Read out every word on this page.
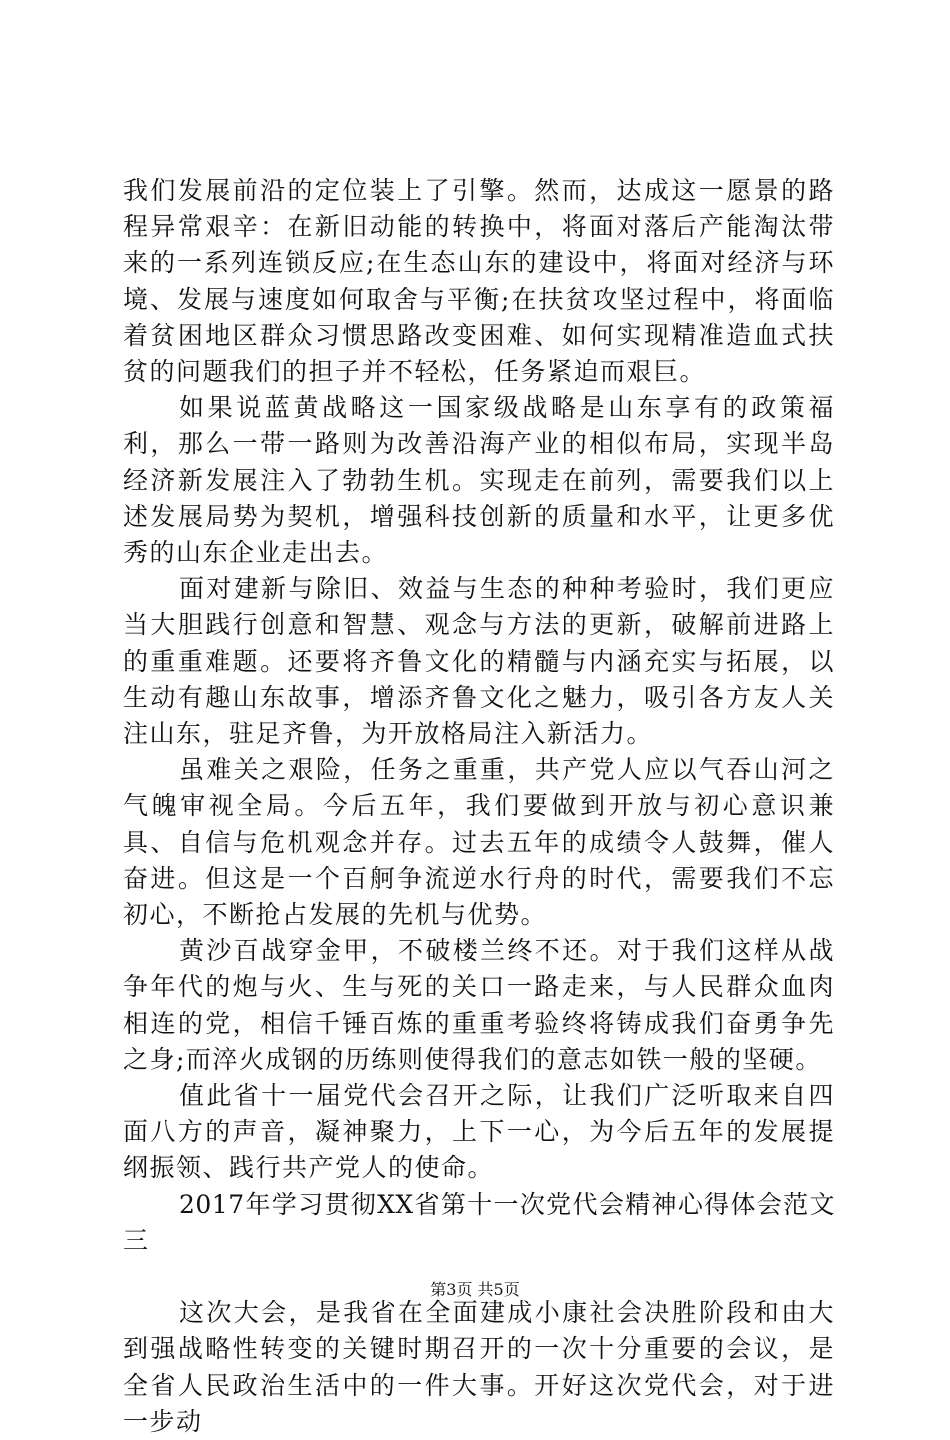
我们发展前沿的定位装上了引擎。然而，达成这一愿景的路程异常艰辛：在新旧动能的转换中，将面对落后产能淘汰带来的一系列连锁反应;在生态山东的建设中，将面对经济与环境、发展与速度如何取舍与平衡;在扶贫攻坚过程中，将面临着贫困地区群众习惯思路改变困难、如何实现精准造血式扶贫的问题我们的担子并不轻松，任务紧迫而艰巨。

如果说蓝黄战略这一国家级战略是山东享有的政策福利，那么一带一路则为改善沿海产业的相似布局，实现半岛经济新发展注入了勃勃生机。实现走在前列，需要我们以上述发展局势为契机，增强科技创新的质量和水平，让更多优秀的山东企业走出去。

面对建新与除旧、效益与生态的种种考验时，我们更应当大胆践行创意和智慧、观念与方法的更新，破解前进路上的重重难题。还要将齐鲁文化的精髓与内涵充实与拓展，以生动有趣山东故事，增添齐鲁文化之魅力，吸引各方友人关注山东，驻足齐鲁，为开放格局注入新活力。

虽难关之艰险，任务之重重，共产党人应以气吞山河之气魄审视全局。今后五年，我们要做到开放与初心意识兼具、自信与危机观念并存。过去五年的成绩令人鼓舞，催人奋进。但这是一个百舸争流逆水行舟的时代，需要我们不忘初心，不断抢占发展的先机与优势。

黄沙百战穿金甲，不破楼兰终不还。对于我们这样从战争年代的炮与火、生与死的关口一路走来，与人民群众血肉相连的党，相信千锤百炼的重重考验终将铸成我们奋勇争先之身;而淬火成钢的历练则使得我们的意志如铁一般的坚硬。

值此省十一届党代会召开之际，让我们广泛听取来自四面八方的声音，凝神聚力，上下一心，为今后五年的发展提纲振领、践行共产党人的使命。

2017年学习贯彻XX省第十一次党代会精神心得体会范文三

这次大会，是我省在全面建成小康社会决胜阶段和由大到强战略性转变的关键时期召开的一次十分重要的会议，是全省人民政治生活中的一件大事。开好这次党代会，对于进一步动

第3页 共5页
